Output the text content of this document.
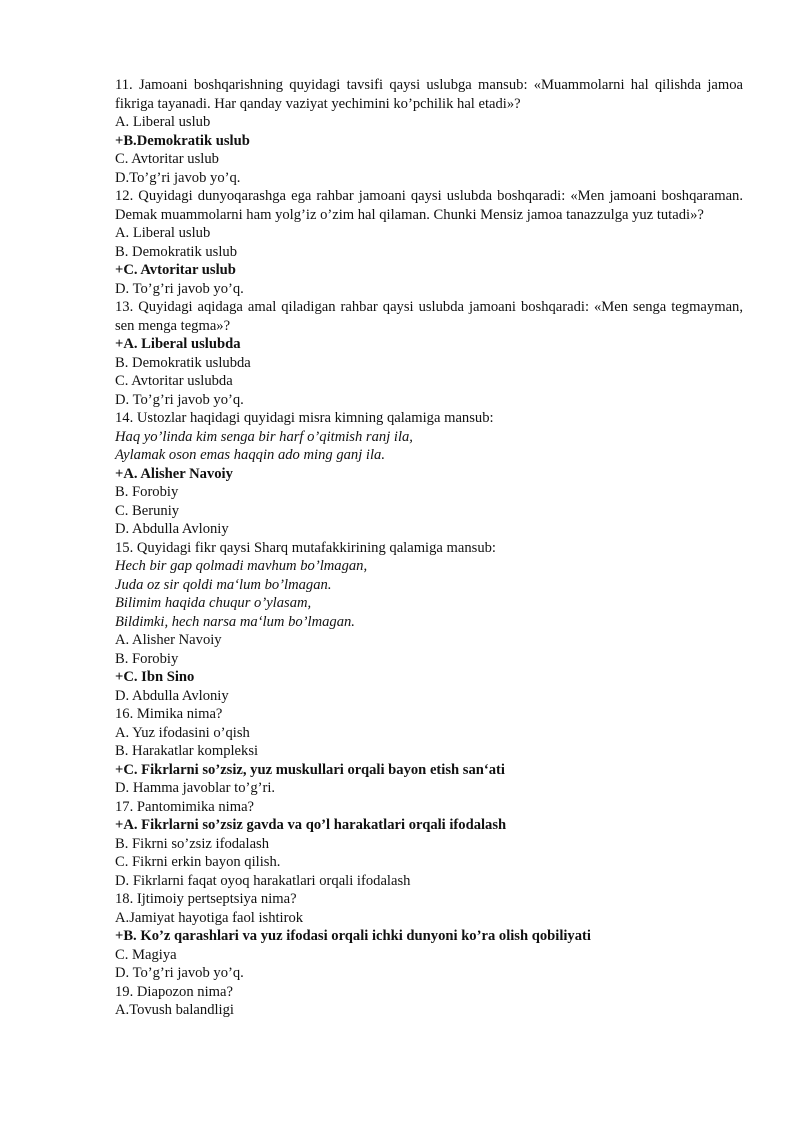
11. Jamoani boshqarishning quyidagi tavsifi qaysi uslubga mansub: «Muammolarni hal qilishda jamoa fikriga tayanadi. Har qanday vaziyat yechimini ko’pchilik hal etadi»?
A. Liberal uslub
+B.Demokratik uslub
C. Avtoritar uslub
D.To’g’ri javob yo’q.
12. Quyidagi dunyoqarashga ega rahbar jamoani qaysi uslubda boshqaradi: «Men jamoani boshqaraman. Demak muammolarni ham yolg’iz o’zim hal qilaman. Chunki Mensiz jamoa tanazzulga yuz tutadi»?
A. Liberal uslub
B. Demokratik uslub
+C. Avtoritar uslub
D. To’g’ri javob yo’q.
13. Quyidagi aqidaga amal qiladigan rahbar qaysi uslubda jamoani boshqaradi: «Men senga tegmayman, sen menga tegma»?
+A. Liberal uslubda
B. Demokratik uslubda
C. Avtoritar uslubda
D. To’g’ri javob yo’q.
14. Ustozlar haqidagi quyidagi misra kimning qalamiga mansub:
Haq yo’linda kim senga bir harf o’qitmish ranj ila,
Aylamak oson emas haqqin ado ming ganj ila.
+A. Alisher Navoiy
B. Forobiy
C. Beruniy
D. Abdulla Avloniy
15. Quyidagi fikr qaysi Sharq mutafakkirining qalamiga mansub:
Hech bir gap qolmadi mavhum bo’lmagan,
Juda oz sir qoldi ma‘lum bo’lmagan.
Bilimim haqida chuqur o’ylasam,
Bildimki, hech narsa ma‘lum bo’lmagan.
A. Alisher Navoiy
B. Forobiy
+C. Ibn Sino
D. Abdulla Avloniy
16. Mimika nima?
A. Yuz ifodasini o’qish
B. Harakatlar kompleksi
+C. Fikrlarni so’zsiz, yuz muskullari orqali bayon etish san‘ati
D. Hamma javoblar to’g’ri.
17. Pantomimika nima?
+A. Fikrlarni so’zsiz gavda va qo’l harakatlari orqali ifodalash
B. Fikrni so’zsiz ifodalash
C. Fikrni erkin bayon qilish.
D. Fikrlarni faqat oyoq harakatlari orqali ifodalash
18. Ijtimoiy pertseptsiya nima?
A.Jamiyat hayotiga faol ishtirok
+B. Ko’z qarashlari va yuz ifodasi orqali ichki dunyoni ko’ra olish qobiliyati
C. Magiya
D. To’g’ri javob yo’q.
19. Diapozon nima?
A.Tovush balandligi
